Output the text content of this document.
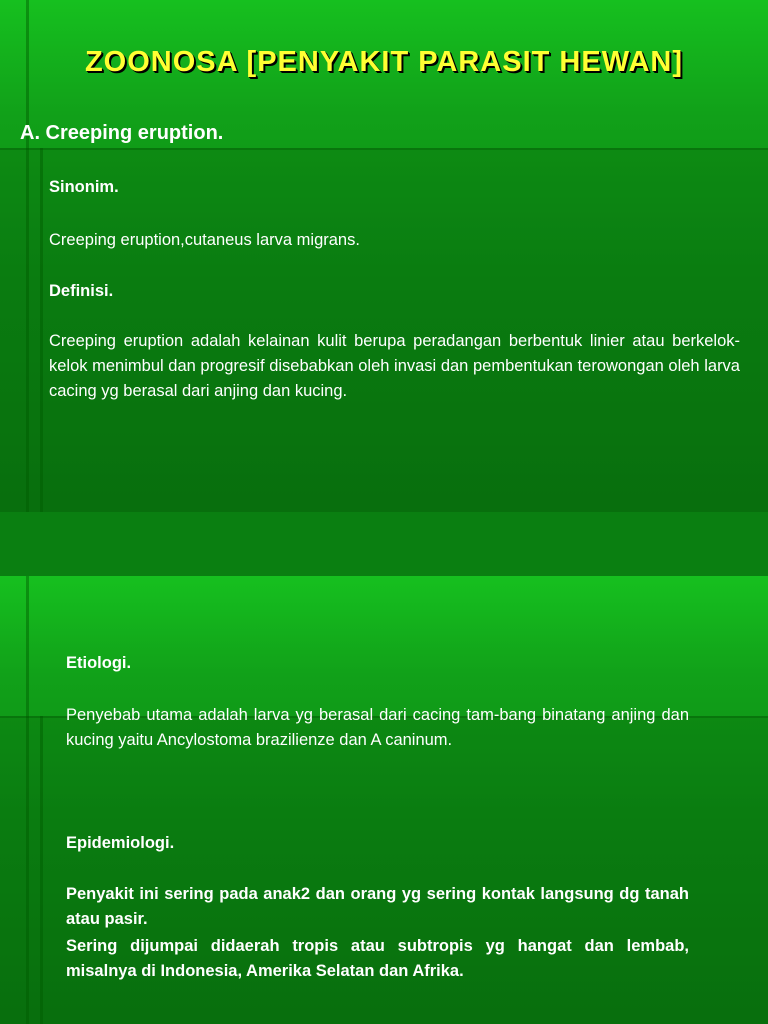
ZOONOSA [PENYAKIT PARASIT HEWAN]
A. Creeping eruption.

Sinonim.

Creeping eruption,cutaneus larva migrans.

Definisi.

Creeping eruption adalah kelainan kulit berupa peradangan berbentuk linier atau berkelok-kelok menimbul dan progresif disebabkan oleh invasi dan pembentukan terowongan oleh larva cacing yg berasal dari anjing dan kucing.

Etiologi.

Penyebab utama adalah larva yg berasal dari cacing tam-bang binatang anjing dan kucing yaitu Ancylostoma brazilienze dan A caninum.

Epidemiologi.

Penyakit ini sering pada anak2 dan orang yg sering kontak langsung dg tanah atau pasir.

Sering dijumpai didaerah tropis atau subtropis yg hangat dan lembab, misalnya di Indonesia, Amerika Selatan dan Afrika.
